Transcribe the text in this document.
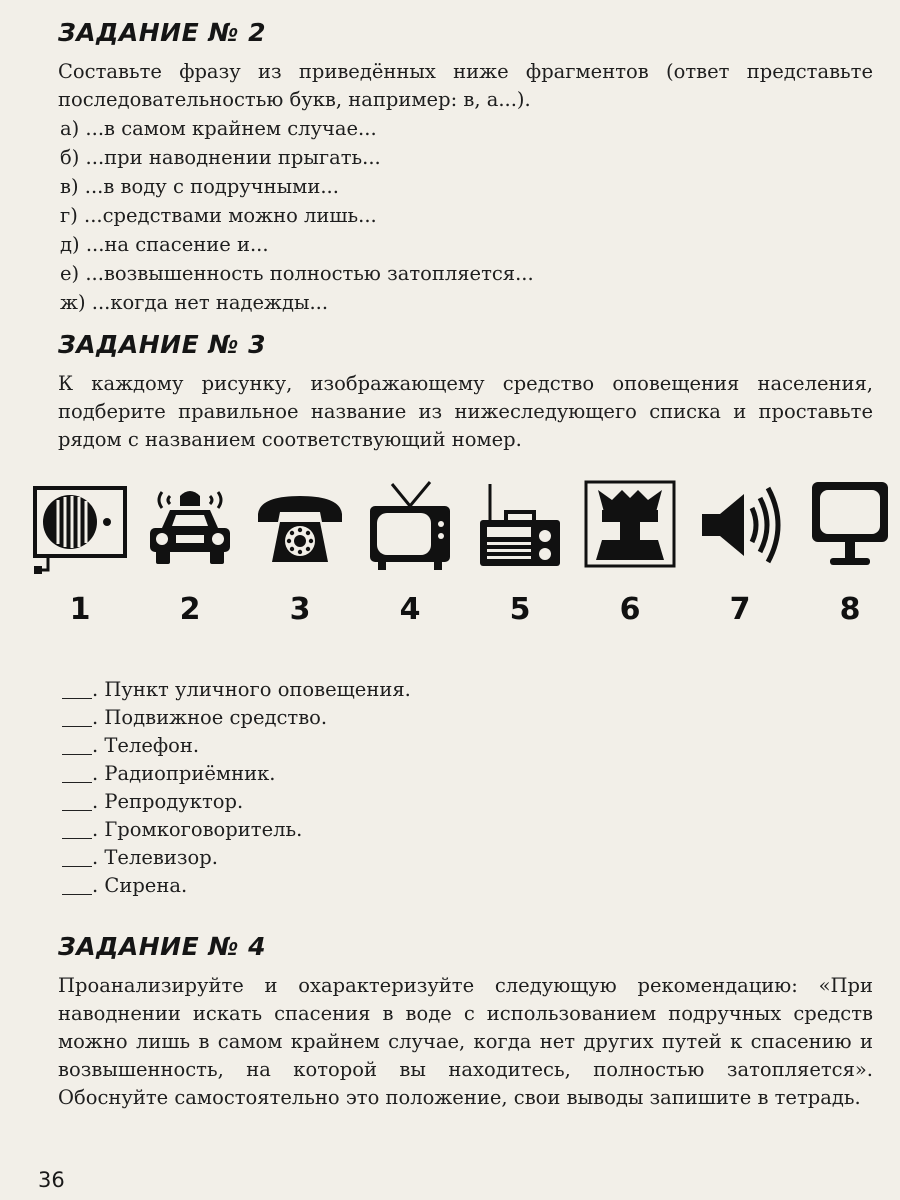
ЗАДАНИЕ № 2
Составьте фразу из приведённых ниже фрагментов (ответ представьте последовательностью букв, например: в, а...).
а) ...в самом крайнем случае...
б) ...при наводнении прыгать...
в) ...в воду с подручными...
г) ...средствами можно лишь...
д) ...на спасение и...
е) ...возвышенность полностью затопляется...
ж) ...когда нет надежды...
ЗАДАНИЕ № 3
К каждому рисунку, изображающему средство оповещения населения, подберите правильное название из нижеследующего списка и проставьте рядом с названием соответствующий номер.
1	2	3	4	5	6	7	8
. Пункт уличного оповещения.
. Подвижное средство.
. Телефон.
. Радиоприёмник.
. Репродуктор.
. Громкоговоритель.
. Телевизор.
. Сирена.
ЗАДАНИЕ № 4
Проанализируйте и охарактеризуйте следующую рекомендацию: «При наводнении искать спасения в воде с использованием подручных средств можно лишь в самом крайнем случае, когда нет других путей к спасению и возвышенность, на которой вы находитесь, полностью затопляется». Обоснуйте самостоятельно это положение, свои выводы запишите в тетрадь.
36
